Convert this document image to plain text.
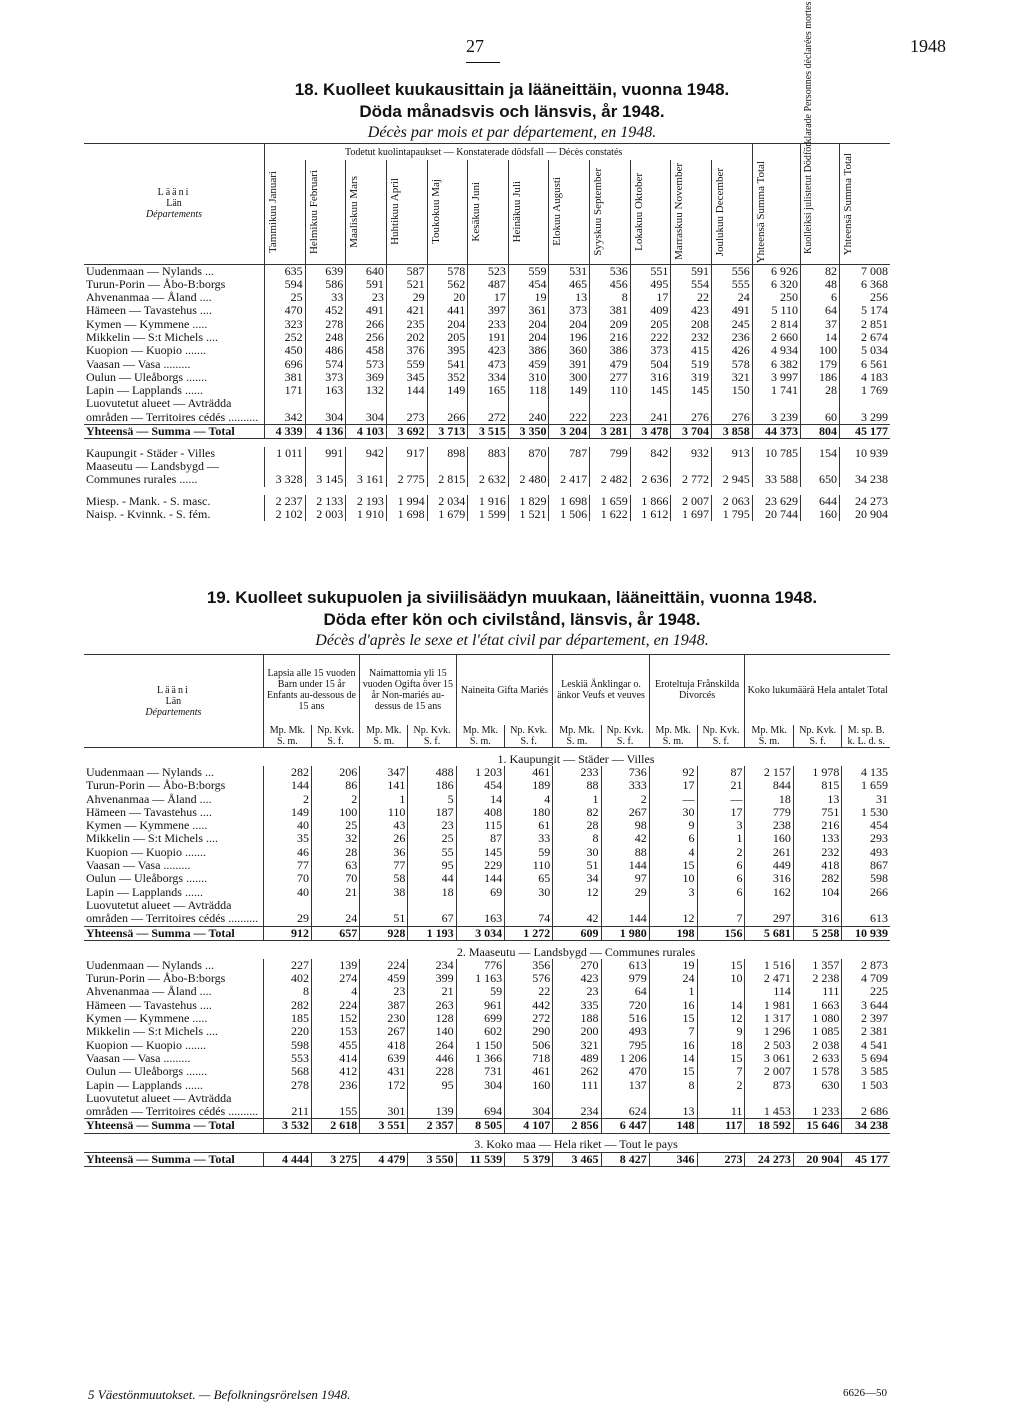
27	1948
18. Kuolleet kuukausittain ja lääneittäin, vuonna 1948.
Döda månadsvis och länsvis, år 1948.
Décès par mois et par département, en 1948.
Lääni
Län
Départements	Todetut kuolintapaukset — Konstaterade dödsfall — Décès constatés													Kuolleiksi julistetut Dödförklarade Personnes déclarées mortes	Yhteensä Summa Total

	Tammikuu Januari	Helmikuu Februari	Maaliskuu Mars	Huhtikuu April	Toukokuu Maj	Kesäkuu Juni	Heinäkuu Juli	Elokuu Augusti	Syyskuu September	Lokakuu Oktober	Marraskuu November	Joulukuu December	Yhteensä Summa Total		

Uudenmaan — Nylands ...	635	639	640	587	578	523	559	531	536	551	591	556	6 926	82	7 008
Turun-Porin — Åbo-B:borgs	594	586	591	521	562	487	454	465	456	495	554	555	6 320	48	6 368
Ahvenanmaa — Åland ....	25	33	23	29	20	17	19	13	8	17	22	24	250	6	256
Hämeen — Tavastehus ....	470	452	491	421	441	397	361	373	381	409	423	491	5 110	64	5 174
Kymen — Kymmene .....	323	278	266	235	204	233	204	204	209	205	208	245	2 814	37	2 851
Mikkelin — S:t Michels ....	252	248	256	202	205	191	204	196	216	222	232	236	2 660	14	2 674
Kuopion — Kuopio .......	450	486	458	376	395	423	386	360	386	373	415	426	4 934	100	5 034
Vaasan — Vasa .........	696	574	573	559	541	473	459	391	479	504	519	578	6 382	179	6 561
Oulun — Uleåborgs .......	381	373	369	345	352	334	310	300	277	316	319	321	3 997	186	4 183
Lapin — Lapplands ......	171	163	132	144	149	165	118	149	110	145	145	150	1 741	28	1 769
Luovutetut alueet — Avträdda områden — Territoires cédés ..........	342	304	304	273	266	272	240	222	223	241	276	276	3 239	60	3 299
Yhteensä — Summa — Total	4 339	4 136	4 103	3 692	3 713	3 515	3 350	3 204	3 281	3 478	3 704	3 858	44 373	804	45 177

Kaupungit - Städer - Villes	1 011	991	942	917	898	883	870	787	799	842	932	913	10 785	154	10 939
Maaseutu — Landsbygd — Communes rurales ......	3 328	3 145	3 161	2 775	2 815	2 632	2 480	2 417	2 482	2 636	2 772	2 945	33 588	650	34 238

Miesp. - Mank. - S. masc.	2 237	2 133	2 193	1 994	2 034	1 916	1 829	1 698	1 659	1 866	2 007	2 063	23 629	644	24 273
Naisp. - Kvinnk. - S. fém.	2 102	2 003	1 910	1 698	1 679	1 599	1 521	1 506	1 622	1 612	1 697	1 795	20 744	160	20 904
19. Kuolleet sukupuolen ja siviilisäädyn muukaan, lääneittäin, vuonna 1948.
Döda efter kön och civilstånd, länsvis, år 1948.
Décès d'après le sexe et l'état civil par département, en 1948.
Lääni
Län
Départements	Lapsia alle 15 vuoden Barn under 15 år Enfants au-dessous de 15 ans		Naimattomia yli 15 vuoden Ogifta över 15 år Non-mariés au-dessus de 15 ans		Naineita Gifta Mariés		Leskiä Änklingar o. änkor Veufs et veuves		Eroteltuja Frånskilda Divorcés		Koko lukumäärä Hela antalet Total		
	Mp. Mk. S. m.	Np. Kvk. S. f.	Mp. Mk. S. m.	Np. Kvk. S. f.	Mp. Mk. S. m.	Np. Kvk. S. f.	Mp. Mk. S. m.	Np. Kvk. S. f.	Mp. Mk. S. m.	Np. Kvk. S. f.	Mp. Mk. S. m.	Np. Kvk. S. f.	M. sp. B. k. L. d. s.
1. Kaupungit — Städer — Villes													
Uudenmaan — Nylands ...	282	206	347	488	1 203	461	233	736	92	87	2 157	1 978	4 135
Turun-Porin — Åbo-B:borgs	144	86	141	186	454	189	88	333	17	21	844	815	1 659
Ahvenanmaa — Åland ....	2	2	1	5	14	4	1	2	—	—	18	13	31
Hämeen — Tavastehus ....	149	100	110	187	408	180	82	267	30	17	779	751	1 530
Kymen — Kymmene .....	40	25	43	23	115	61	28	98	9	3	238	216	454
Mikkelin — S:t Michels ....	35	32	26	25	87	33	8	42	6	1	160	133	293
Kuopion — Kuopio .......	46	28	36	55	145	59	30	88	4	2	261	232	493
Vaasan — Vasa .........	77	63	77	95	229	110	51	144	15	6	449	418	867
Oulun — Uleåborgs .......	70	70	58	44	144	65	34	97	10	6	316	282	598
Lapin — Lapplands ......	40	21	38	18	69	30	12	29	3	6	162	104	266
Luovutetut alueet — Avträdda områden — Territoires cédés ..........	29	24	51	67	163	74	42	144	12	7	297	316	613
Yhteensä — Summa — Total	912	657	928	1 193	3 034	1 272	609	1 980	198	156	5 681	5 258	10 939
2. Maaseutu — Landsbygd — Communes rurales													
Uudenmaan — Nylands ...	227	139	224	234	776	356	270	613	19	15	1 516	1 357	2 873
Turun-Porin — Åbo-B:borgs	402	274	459	399	1 163	576	423	979	24	10	2 471	2 238	4 709
Ahvenanmaa — Åland ....	8	4	23	21	59	22	23	64	1		114	111	225
Hämeen — Tavastehus ....	282	224	387	263	961	442	335	720	16	14	1 981	1 663	3 644
Kymen — Kymmene .....	185	152	230	128	699	272	188	516	15	12	1 317	1 080	2 397
Mikkelin — S:t Michels ....	220	153	267	140	602	290	200	493	7	9	1 296	1 085	2 381
Kuopion — Kuopio .......	598	455	418	264	1 150	506	321	795	16	18	2 503	2 038	4 541
Vaasan — Vasa .........	553	414	639	446	1 366	718	489	1 206	14	15	3 061	2 633	5 694
Oulun — Uleåborgs .......	568	412	431	228	731	461	262	470	15	7	2 007	1 578	3 585
Lapin — Lapplands ......	278	236	172	95	304	160	111	137	8	2	873	630	1 503
Luovutetut alueet — Avträdda områden — Territoires cédés ..........	211	155	301	139	694	304	234	624	13	11	1 453	1 233	2 686
Yhteensä — Summa — Total	3 532	2 618	3 551	2 357	8 505	4 107	2 856	6 447	148	117	18 592	15 646	34 238
3. Koko maa — Hela riket — Tout le pays													
Yhteensä — Summa — Total	4 444	3 275	4 479	3 550	11 539	5 379	3 465	8 427	346	273	24 273	20 904	45 177
5 Väestönmuutokset. — Befolkningsrörelsen 1948.	6626—50
